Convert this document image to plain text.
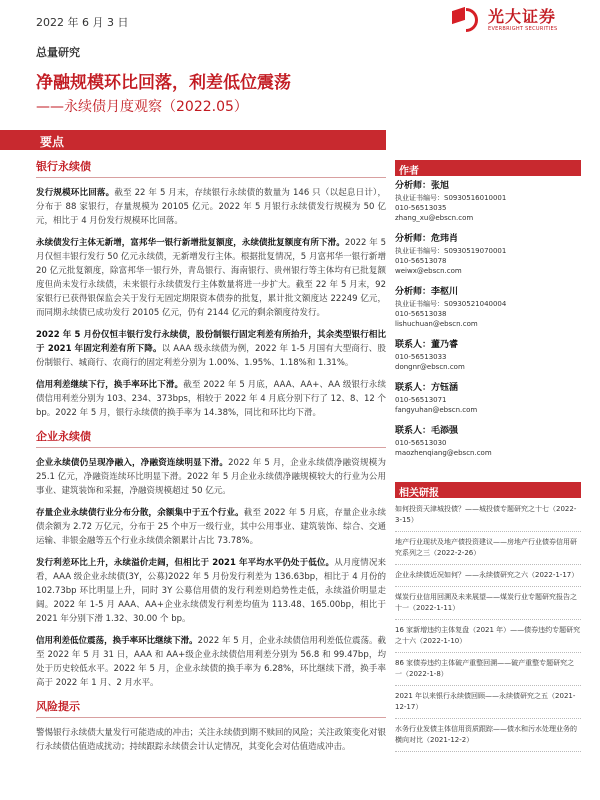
2022 年 6 月 3 日	光大证券
EVERBRIGHT SECURITIES
总量研究
净融规模环比回落，利差低位震荡
——永续债月度观察（2022.05）
要点
银行永续债
发行规模环比回落。截至 22 年 5 月末，存续银行永续债的数量为 146 只（以起息日计），分布于 88 家银行，存量规模为 20105 亿元。2022 年 5 月银行永续债发行规模为 50 亿元，相比于 4 月份发行规模环比回落。
永续债发行主体无新增，富邦华一银行新增批复额度，永续债批复额度有所下滑。2022 年 5 月仅恒丰银行发行 50 亿元永续债，无新增发行主体。根据批复情况，5 月富邦华一银行新增 20 亿元批复额度，除富邦华一银行外，青岛银行、海南银行、贵州银行等主体均有已批复额度但尚未发行永续债，未来银行永续债发行主体数量将进一步扩大。截至 22 年 5 月末，92 家银行已获得银保监会关于发行无固定期限资本债券的批复，累计批文额度达 22249 亿元，而同期永续债已成功发行 20105 亿元，仍有 2144 亿元的剩余额度待发行。
2022 年 5 月份仅恒丰银行发行永续债，股份制银行固定利差有所抬升，其余类型银行相比于 2021 年固定利差有所下降。以 AAA 级永续债为例，2022 年 1-5 月国有大型商行、股份制银行、城商行、农商行的固定利差分别为 1.00%、1.95%、1.18%和 1.31%。
信用利差继续下行，换手率环比下滑。截至 2022 年 5 月底，AAA、AA+、AA 级银行永续债信用利差分别为 103、234、373bps，相较于 2022 年 4 月底分别下行了 12、8、12 个 bp。2022 年 5 月，银行永续债的换手率为 14.38%，同比和环比均下滑。
企业永续债
企业永续债仍呈现净融入，净融资连续明显下滑。2022 年 5 月，企业永续债净融资规模为 25.1 亿元，净融资连续环比明显下滑。2022 年 5 月企业永续债净融规模较大的行业为公用事业、建筑装饰和采掘，净融资规模超过 50 亿元。
存量企业永续债行业分布分散，余额集中于五个行业。截至 2022 年 5 月底，存量企业永续债余额为 2.72 万亿元，分布于 25 个申万一级行业，其中公用事业、建筑装饰、综合、交通运输、非银金融等五个行业永续债余额累计占比 73.78%。
发行利差环比上升，永续溢价走阔，但相比于 2021 年平均水平仍处于低位。从月度情况来看，AAA 级企业永续债(3Y，公募)2022 年 5 月份发行利差为 136.63bp，相比于 4 月份的 102.73bp 环比明显上升，同时 3Y 公募信用债的发行利差则趋势性走低，永续溢价明显走阔。2022 年 1-5 月 AAA、AA+企业永续债发行利差均值为 113.48、165.00bp，相比于 2021 年分别下滑 1.32、30.00 个 bp。
信用利差低位震荡，换手率环比继续下滑。2022 年 5 月，企业永续债信用利差低位震荡。截至 2022 年 5 月 31 日，AAA 和 AA+级企业永续债信用利差分别为 56.8 和 99.47bp，均处于历史较低水平。2022 年 5 月，企业永续债的换手率为 6.28%，环比继续下滑，换手率高于 2022 年 1 月、2 月水平。
风险提示
警惕银行永续债大量发行可能造成的冲击；关注永续债到期不赎回的风险；关注政策变化对银行永续债估值造成扰动；持续跟踪永续债会计认定情况，其变化会对估值造成冲击。
作者
分析师：张旭
执业证书编号：S0930516010001
010-56513035
zhang_xu@ebscn.com
分析师：危玮肖
执业证书编号：S0930519070001
010-56513078
weiwx@ebscn.com
分析师：李枢川
执业证书编号：S0930521040004
010-56513038
lishuchuan@ebscn.com
联系人：董乃睿
010-56513033
dongnr@ebscn.com
联系人：方钰涵
010-56513071
fangyuhan@ebscn.com
联系人：毛添强
010-56513030
maozhenqiang@ebscn.com
相关研报
如何投资天津城投债？——城投债专题研究之十七（2022-3-15）
地产行业现状及地产债投资建议——房地产行业债券信用研究系列之三（2022-2-26）
企业永续债近况如何？——永续债研究之六（2022-1-17）
煤炭行业信用回溯及未来展望——煤炭行业专题研究报告之十一（2022-1-11）
16 家新增违约主体复盘（2021 年）——债券违约专题研究之十六（2022-1-10）
86 家债券违约主体破产重整回溯——破产重整专题研究之一（2022-1-8）
2021 年以来银行永续债回顾——永续债研究之五（2021-12-17）
水务行业发债主体信用资质跟踪——债水和污水处理业务的横向对比（2021-12-2）
